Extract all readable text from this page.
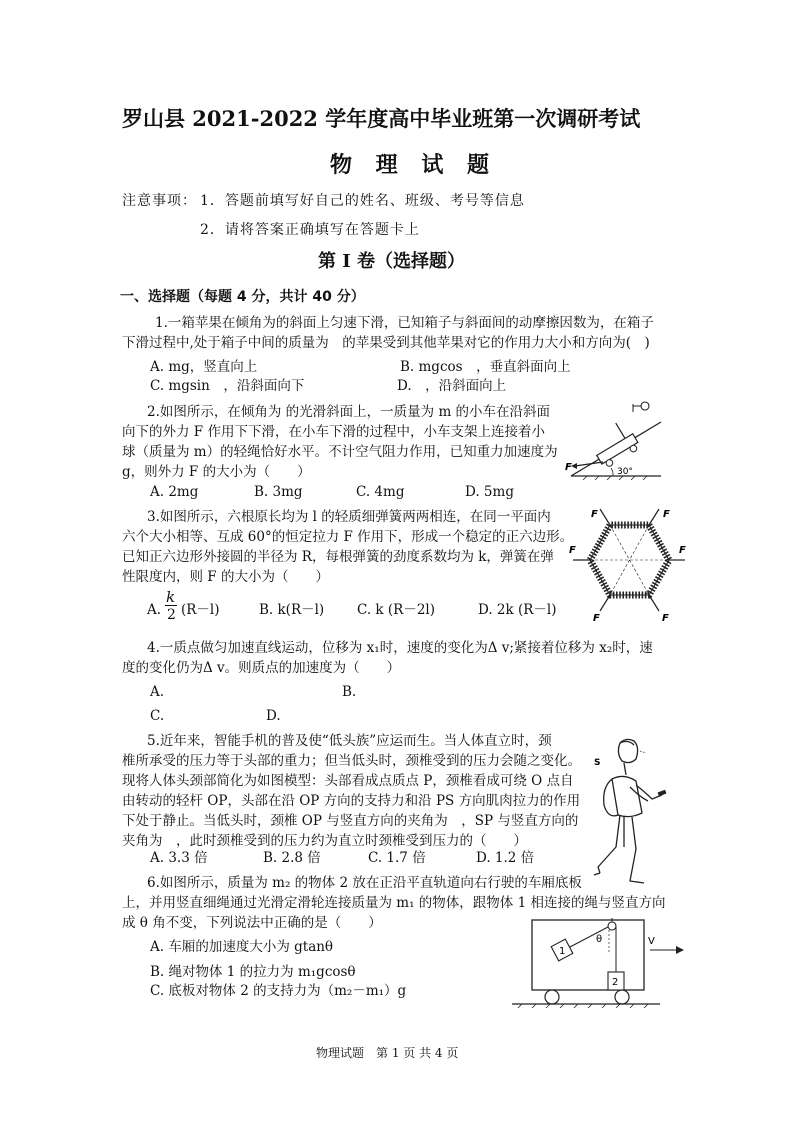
罗山县 2021-2022 学年度高中毕业班第一次调研考试
物 理 试 题
注意事项： 1．答题前填写好自己的姓名、班级、考号等信息
2．请将答案正确填写在答题卡上
第 I 卷（选择题）
一、选择题（每题 4 分，共计 40 分）
1.一箱苹果在倾角为的斜面上匀速下滑，已知箱子与斜面间的动摩擦因数为，在箱子
下滑过程中,处于箱子中间的质量为　的苹果受到其他苹果对它的作用力大小和方向为(　)
A. mg，竖直向上	B. mgcos　，垂直斜面向上
C. mgsin　，沿斜面向下	D.　，沿斜面向上
2.如图所示，在倾角为 的光滑斜面上，一质量为 m 的小车在沿斜面
向下的外力 F 作用下下滑，在小车下滑的过程中，小车支架上连接着小
球（质量为 m）的轻绳恰好水平。不计空气阻力作用，已知重力加速度为
g，则外力 F 的大小为（　　）	F	30°
A. 2mg	B. 3mg	C. 4mg	D. 5mg
3.如图所示，六根原长均为 l 的轻质细弹簧两两相连，在同一平面内
六个大小相等、互成 60°的恒定拉力 F 作用下，形成一个稳定的正六边形。
已知正六边形外接圆的半径为 R，每根弹簧的劲度系数均为 k，弹簧在弹
性限度内，则 F 的大小为（　　）
F	F
F
F
F	F
A.
k
2 (R－l)	B. k(R－l) C. k (R－2l)	D. 2k (R－l)
4.一质点做匀加速直线运动，位移为 x₁时，速度的变化为Δ v;紧接着位移为 x₂时，速
度的变化仍为Δ v。则质点的加速度为（　　）
A.	B.
C.	D.
5.近年来，智能手机的普及使“低头族”应运而生。当人体直立时，颈
椎所承受的压力等于头部的重力；但当低头时，颈椎受到的压力会随之变化。
现将人体头颈部简化为如图模型：头部看成点质点 P，颈椎看成可绕 O 点自
由转动的轻杆 OP，头部在沿 OP 方向的支持力和沿 PS 方向肌肉拉力的作用
下处于静止。当低头时，颈椎 OP 与竖直方向的夹角为　，SP 与竖直方向的
夹角为　，此时颈椎受到的压力约为直立时颈椎受到压力的（　　）
S
A. 3.3 倍	B. 2.8 倍	C. 1.7 倍	D. 1.2 倍
6.如图所示，质量为 m₂ 的物体 2 放在正沿平直轨道向右行驶的车厢底板
上，并用竖直细绳通过光滑定滑轮连接质量为 m₁ 的物体，跟物体 1 相连接的绳与竖直方向
成 θ 角不变，下列说法中正确的是（　　）
A. 车厢的加速度大小为 gtanθ
B. 绳对物体 1 的拉力为 m₁gcosθ
C. 底板对物体 2 的支持力为（m₂－m₁）g
1
θ
2
V
物理试题　第 1 页 共 4 页
